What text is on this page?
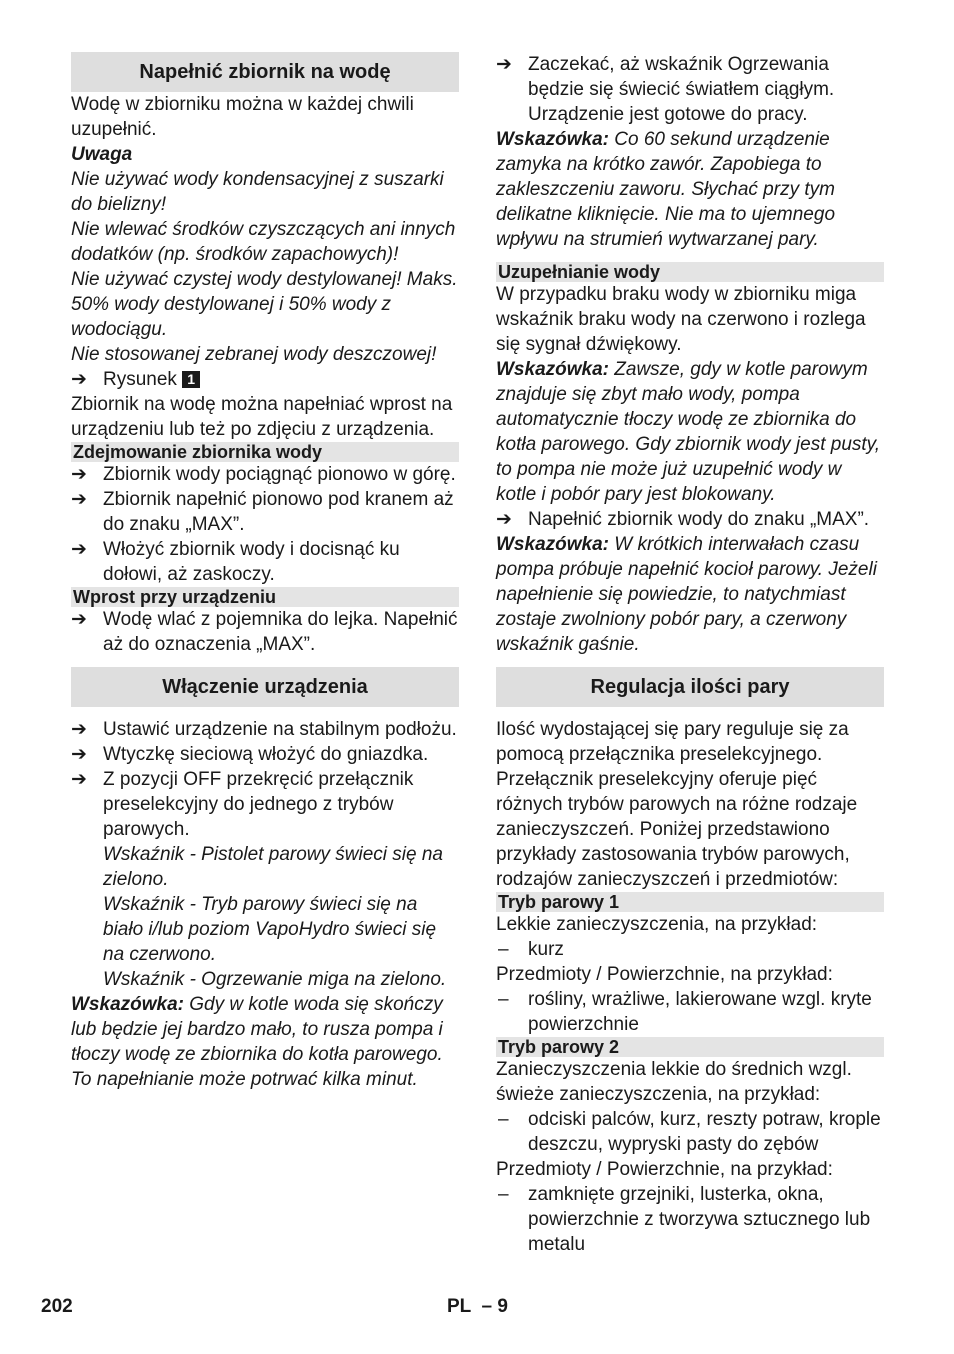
Napełnić zbiornik na wodę

Wodę w zbiorniku można w każdej chwili uzupełnić.

Uwaga

Nie używać wody kondensacyjnej z suszarki do bielizny!

Nie wlewać środków czyszczących ani innych dodatków (np. środków zapachowych)!

Nie używać czystej wody destylowanej! Maks. 50% wody destylowanej i 50% wody z wodociągu.

Nie stosowanej zebranej wody deszczowej!

➔ Rysunek 1

Zbiornik na wodę można napełniać wprost na urządzeniu lub też po zdjęciu z urządzenia.

Zdejmowanie zbiornika wody
➔ Zbiornik wody pociągnąć pionowo w górę.
➔ Zbiornik napełnić pionowo pod kranem aż do znaku „MAX”.
➔ Włożyć zbiornik wody i docisnąć ku dołowi, aż zaskoczy.
Wprost przy urządzeniu
➔ Wodę wlać z pojemnika do lejka. Napełnić aż do oznaczenia „MAX”.
Włączenie urządzenia
➔ Ustawić urządzenie na stabilnym podłożu.
➔ Wtyczkę sieciową włożyć do gniazdka.
➔ Z pozycji OFF przekręcić przełącznik preselekcyjny do jednego z trybów parowych.

Wskaźnik - Pistolet parowy świeci się na zielono.

Wskaźnik - Tryb parowy świeci się na biało i/lub poziom VapoHydro świeci się na czerwono.

Wskaźnik - Ogrzewanie miga na zielono.

Wskazówka: Gdy w kotle woda się skończy lub będzie jej bardzo mało, to rusza pompa i tłoczy wodę ze zbiornika do kotła parowego. To napełnianie może potrwać kilka minut.

➔ Zaczekać, aż wskaźnik Ogrzewania będzie się świecić światłem ciągłym. Urządzenie jest gotowe do pracy.

Wskazówka: Co 60 sekund urządzenie zamyka na krótko zawór. Zapobiega to zakleszczeniu zaworu. Słychać przy tym delikatne kliknięcie. Nie ma to ujemnego wpływu na strumień wytwarzanej pary.

Uzupełnianie wody

W przypadku braku wody w zbiorniku miga wskaźnik braku wody na czerwono i rozlega się sygnał dźwiękowy.

Wskazówka: Zawsze, gdy w kotle parowym znajduje się zbyt mało wody, pompa automatycznie tłoczy wodę ze zbiornika do kotła parowego. Gdy zbiornik wody jest pusty, to pompa nie może już uzupełnić wody w kotle i pobór pary jest blokowany.

➔ Napełnić zbiornik wody do znaku „MAX”.

Wskazówka: W krótkich interwałach czasu pompa próbuje napełnić kocioł parowy. Jeżeli napełnienie się powiedzie, to natychmiast zostaje zwolniony pobór pary, a czerwony wskaźnik gaśnie.

Regulacja ilości pary

Ilość wydostającej się pary reguluje się za pomocą przełącznika preselekcyjnego. Przełącznik preselekcyjny oferuje pięć różnych trybów parowych na różne rodzaje zanieczyszczeń. Poniżej przedstawiono przykłady zastosowania trybów parowych, rodzajów zanieczyszczeń i przedmiotów:

Tryb parowy 1

Lekkie zanieczyszczenia, na przykład:

–	kurz

Przedmioty / Powierzchnie, na przykład:

–	rośliny, wrażliwe, lakierowane wzgl. kryte powierzchnie
Tryb parowy 2

Zanieczyszczenia lekkie do średnich wzgl. świeże zanieczyszczenia, na przykład:

–	odciski palców, kurz, reszty potraw, krople deszczu, wypryski pasty do zębów

Przedmioty / Powierzchnie, na przykład:

–	zamknięte grzejniki, lusterka, okna, powierzchnie z tworzywa sztucznego lub metalu
202	PL  – 9
